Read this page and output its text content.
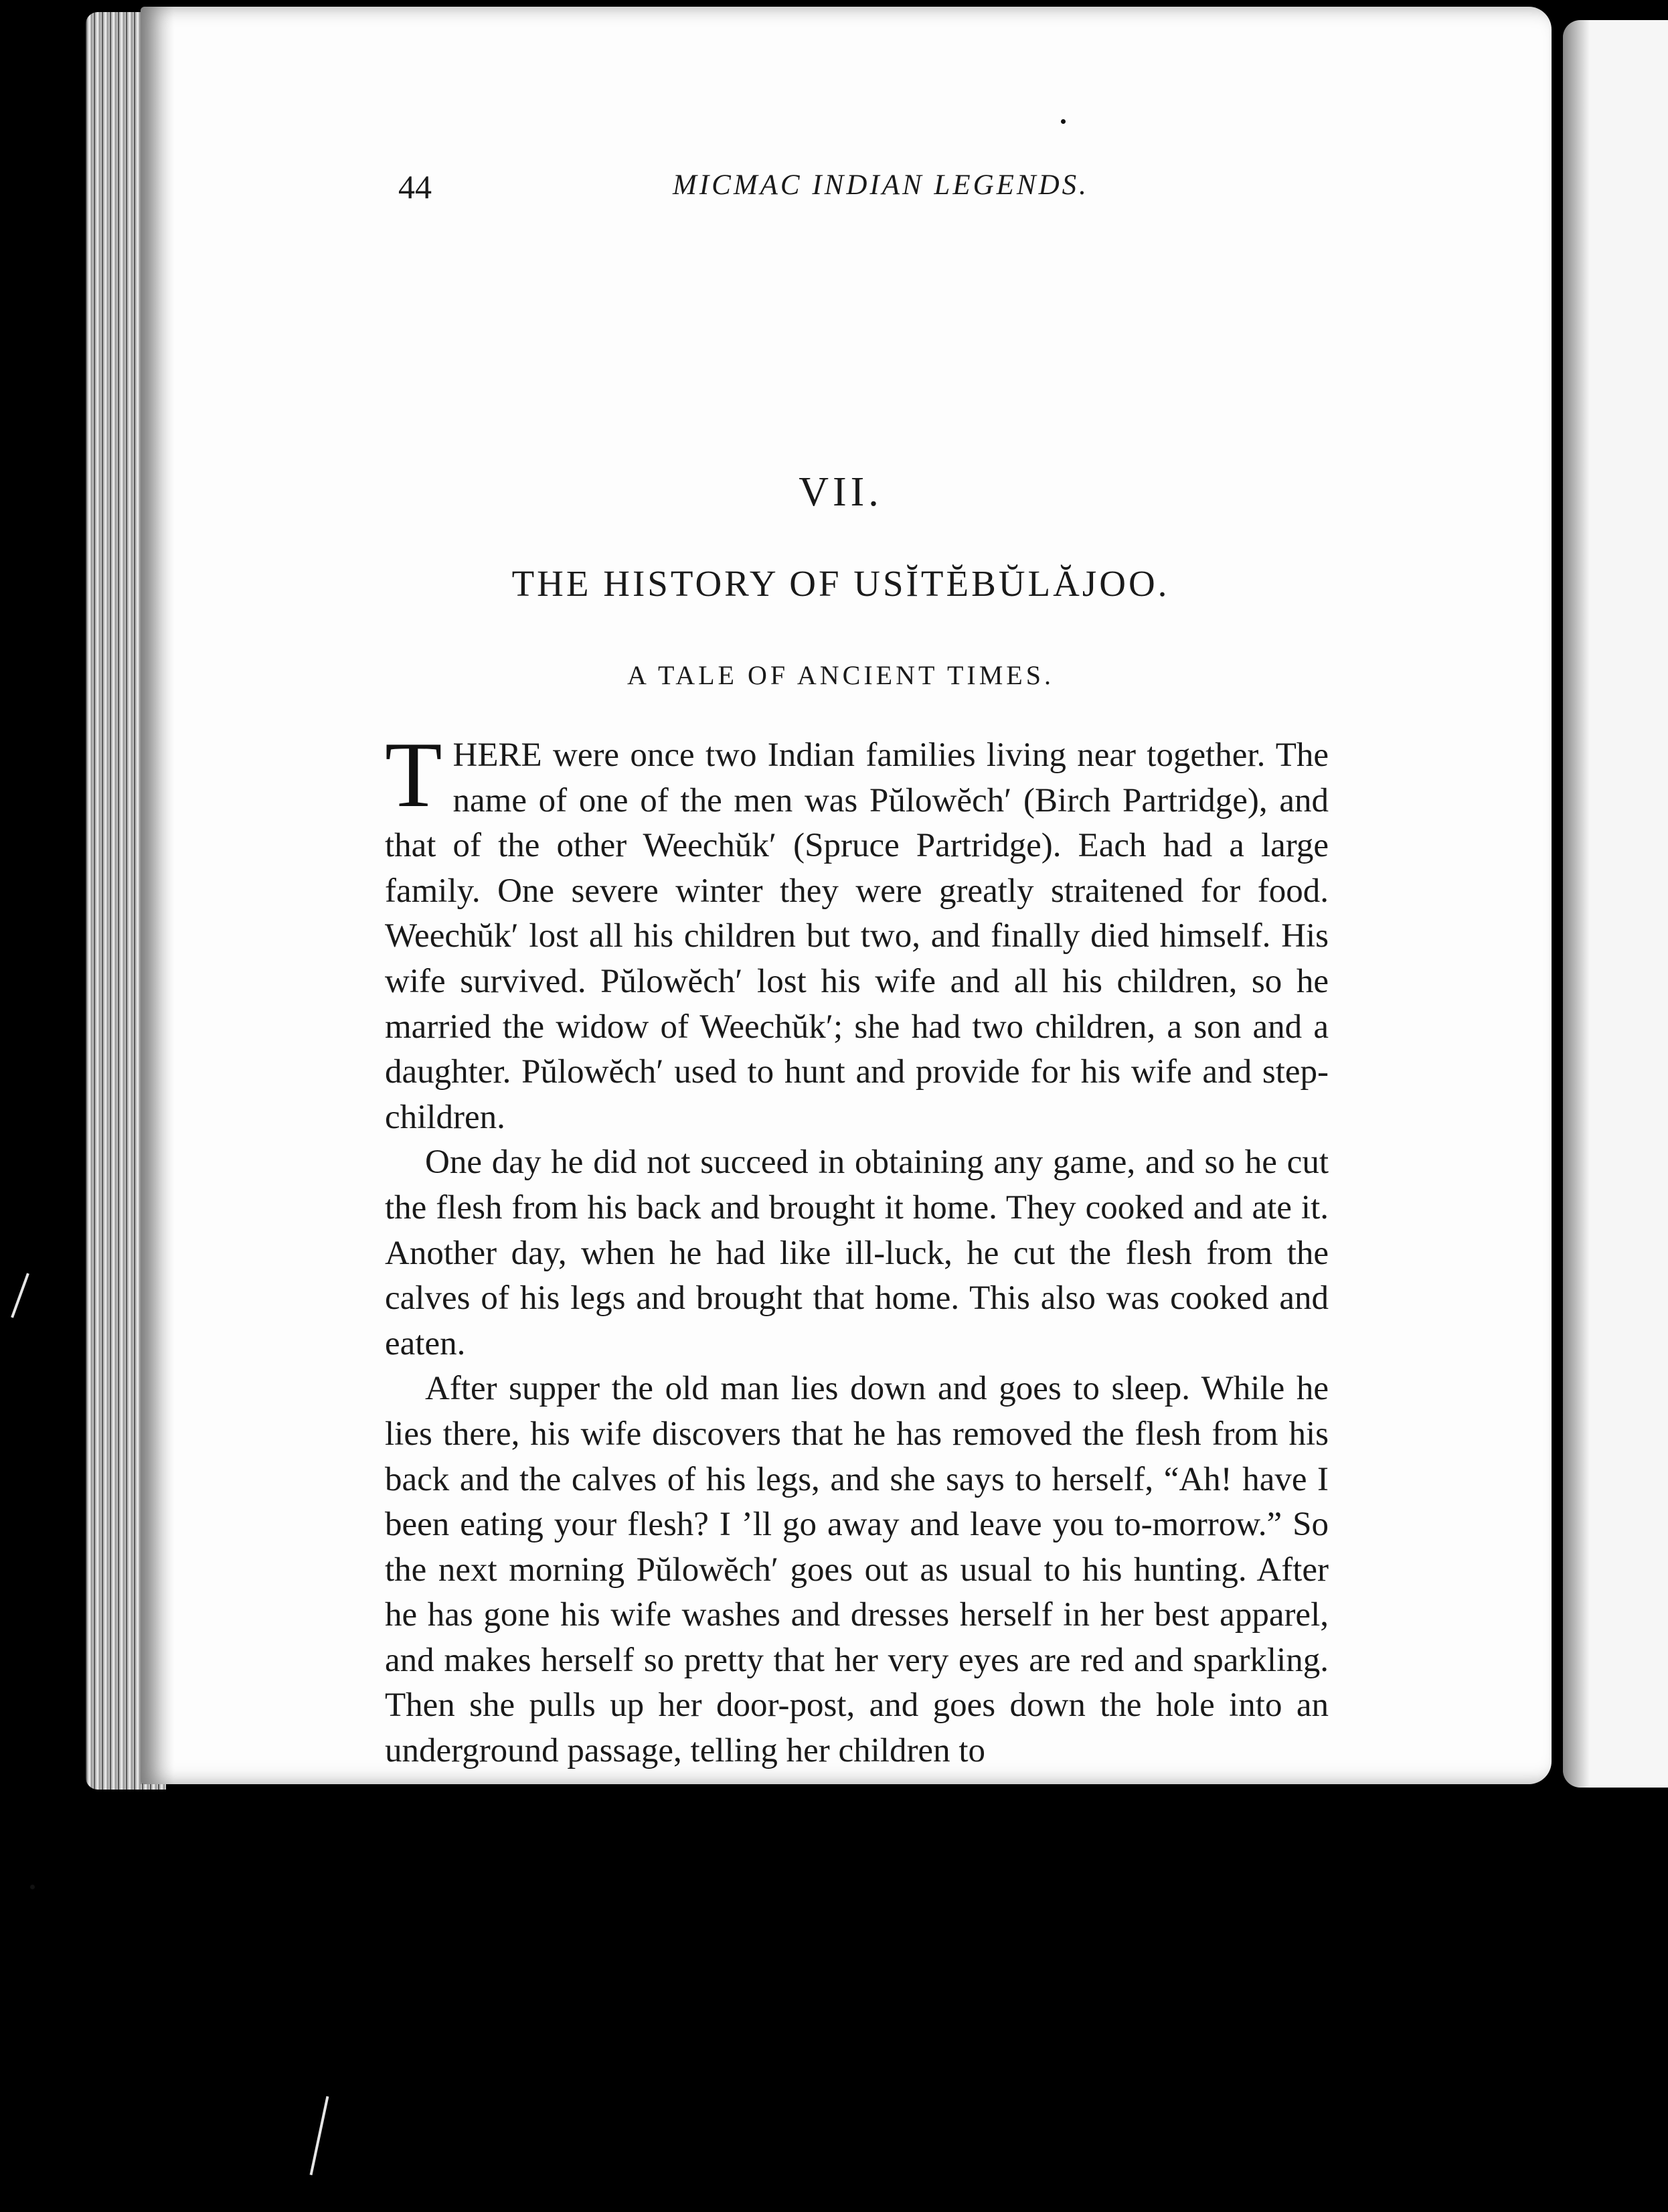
44	MICMAC INDIAN LEGENDS.
VII.
THE HISTORY OF USĬTĔBŬLĂJOO.
A TALE OF ANCIENT TIMES.

THERE were once two Indian families living near together. The name of one of the men was Pŭlowĕch′ (Birch Partridge), and that of the other Weechŭk′ (Spruce Partridge). Each had a large family. One severe winter they were greatly straitened for food. Weechŭk′ lost all his children but two, and finally died himself. His wife survived. Pŭlowĕch′ lost his wife and all his children, so he married the widow of Weechŭk′; she had two children, a son and a daughter. Pŭlowĕch′ used to hunt and provide for his wife and step-children.

One day he did not succeed in obtaining any game, and so he cut the flesh from his back and brought it home. They cooked and ate it. Another day, when he had like ill-luck, he cut the flesh from the calves of his legs and brought that home. This also was cooked and eaten.

After supper the old man lies down and goes to sleep. While he lies there, his wife discovers that he has removed the flesh from his back and the calves of his legs, and she says to herself, “Ah! have I been eating your flesh? I ’ll go away and leave you to-morrow.” So the next morning Pŭlowĕch′ goes out as usual to his hunting. After he has gone his wife washes and dresses herself in her best apparel, and makes herself so pretty that her very eyes are red and sparkling. Then she pulls up her door-post, and goes down the hole into an underground passage, telling her children to
